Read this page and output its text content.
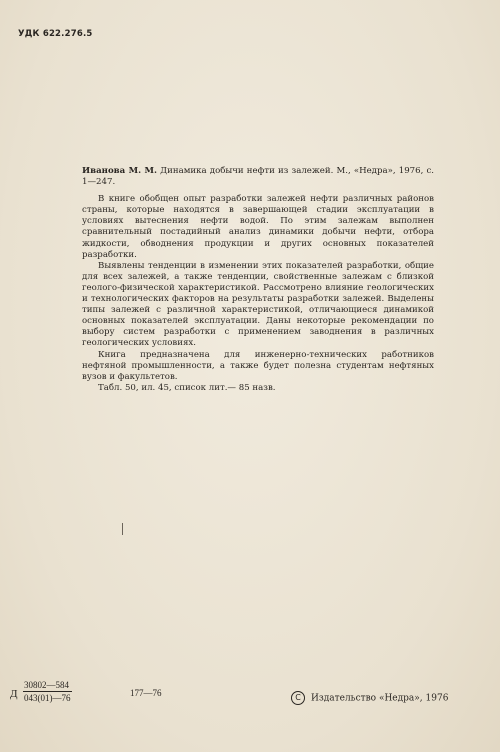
УДК 622.276.5

Иванова М. М. Динамика добычи нефти из залежей. М., «Недра», 1976, с. 1—247.

В книге обобщен опыт разработки залежей нефти различных районов страны, которые находятся в завершающей стадии эксплуатации в условиях вытеснения нефти водой. По этим залежам выполнен сравнительный постадийный анализ динамики добычи нефти, отбора жидкости, обводнения продукции и других основных показателей разработки.

Выявлены тенденции в изменении этих показателей разработки, общие для всех залежей, а также тенденции, свойственные залежам с близкой геолого-физической характеристикой. Рассмотрено влияние геологических и технологических факторов на результаты разработки залежей. Выделены типы залежей с различной характеристикой, отличающиеся динамикой основных показателей эксплуатации. Даны некоторые рекомендации по выбору систем разработки с применением заводнения в различных геологических условиях.

Книга предназначена для инженерно-технических работников нефтяной промышленности, а также будет полезна студентам нефтяных вузов и факультетов.

Табл. 50, ил. 45, список лит.— 85 назв.

Д $\frac{30802—584}{043(01)—76}$	177—76	C Издательство «Недра», 1976
